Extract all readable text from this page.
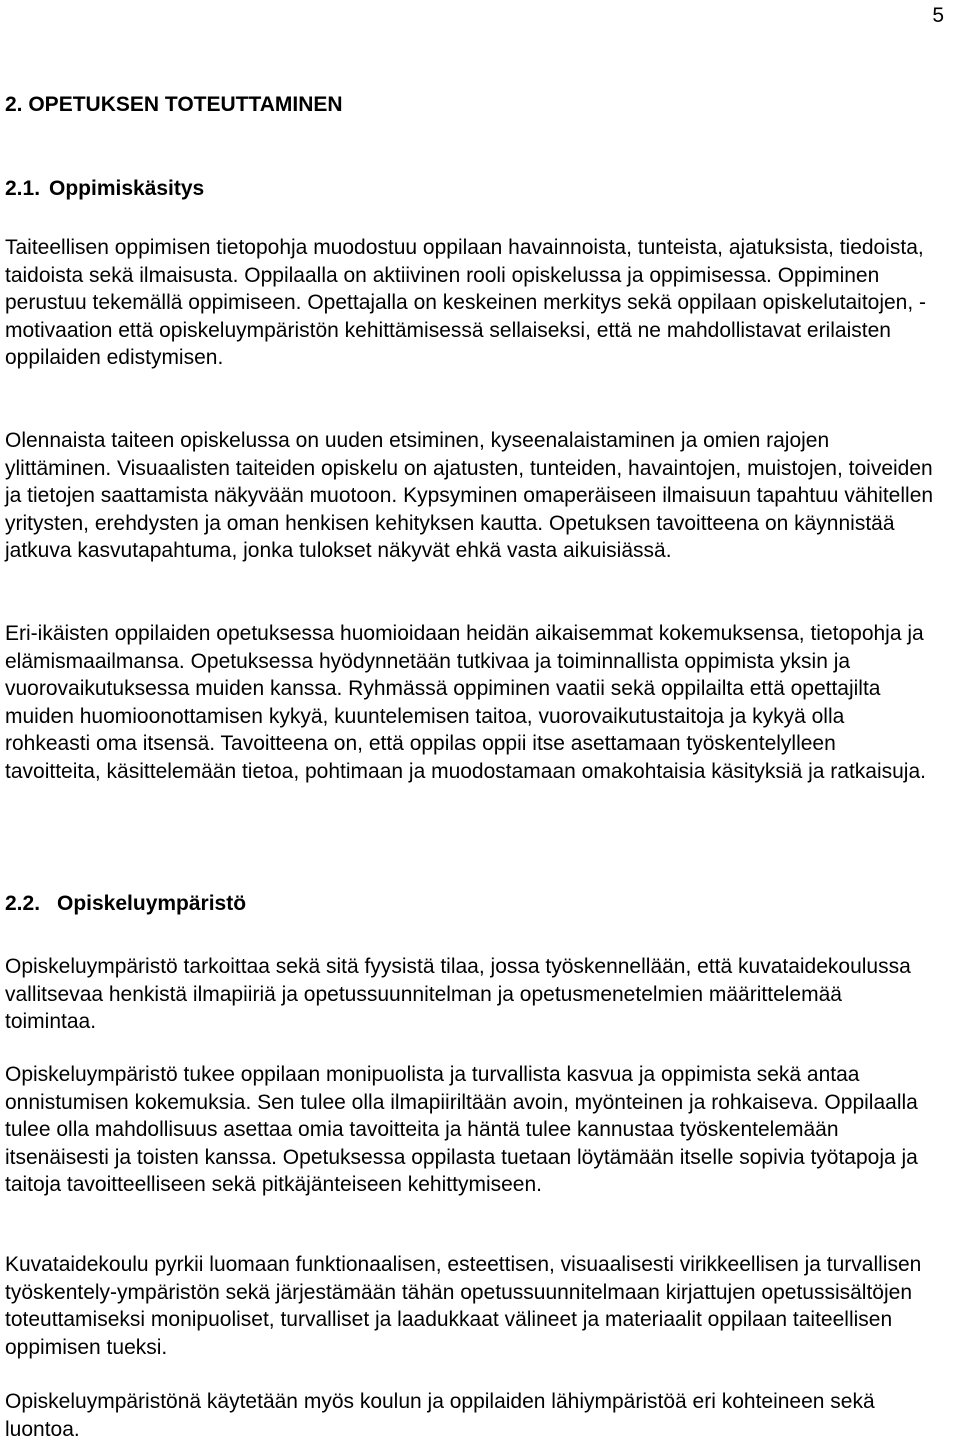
5
2. OPETUKSEN TOTEUTTAMINEN
2.1. Oppimiskäsitys

Taiteellisen oppimisen tietopohja muodostuu oppilaan havainnoista, tunteista, ajatuksista, tiedoista, taidoista sekä ilmaisusta. Oppilaalla on aktiivinen rooli opiskelussa ja oppimisessa. Oppiminen perustuu tekemällä oppimiseen. Opettajalla on keskeinen merkitys sekä oppilaan opiskelutaitojen, -motivaation että opiskeluympäristön kehittämisessä sellaiseksi, että ne mahdollistavat erilaisten oppilaiden edistymisen.

Olennaista taiteen opiskelussa on uuden etsiminen, kyseenalaistaminen ja omien rajojen ylittäminen. Visuaalisten taiteiden opiskelu on ajatusten, tunteiden, havaintojen, muistojen, toiveiden ja tietojen saattamista näkyvään muotoon. Kypsyminen omaperäiseen ilmaisuun tapahtuu vähitellen yritysten, erehdysten ja oman henkisen kehityksen kautta. Opetuksen tavoitteena on käynnistää jatkuva kasvutapahtuma, jonka tulokset näkyvät ehkä vasta aikuisiässä.

Eri-ikäisten oppilaiden opetuksessa huomioidaan heidän aikaisemmat kokemuksensa, tietopohja ja elämismaailmansa. Opetuksessa hyödynnetään tutkivaa ja toiminnallista oppimista yksin ja vuorovaikutuksessa muiden kanssa. Ryhmässä oppiminen vaatii sekä oppilailta että opettajilta muiden huomioonottamisen kykyä, kuuntelemisen taitoa, vuorovaikutustaitoja ja kykyä olla rohkeasti oma itsensä. Tavoitteena on, että oppilas oppii itse asettamaan työskentelylleen tavoitteita, käsittelemään tietoa, pohtimaan ja muodostamaan omakohtaisia käsityksiä ja ratkaisuja.

2.2. Opiskeluympäristö

Opiskeluympäristö tarkoittaa sekä sitä fyysistä tilaa, jossa työskennellään, että kuvataidekoulussa vallitsevaa henkistä ilmapiiriä ja opetussuunnitelman ja opetusmenetelmien määrittelemää toimintaa.

Opiskeluympäristö tukee oppilaan monipuolista ja turvallista kasvua ja oppimista sekä antaa onnistumisen kokemuksia. Sen tulee olla ilmapiiriltään avoin, myönteinen ja rohkaiseva. Oppilaalla tulee olla mahdollisuus asettaa omia tavoitteita ja häntä tulee kannustaa työskentelemään itsenäisesti ja toisten kanssa. Opetuksessa oppilasta tuetaan löytämään itselle sopivia työtapoja ja taitoja tavoitteelliseen sekä pitkäjänteiseen kehittymiseen.

Kuvataidekoulu pyrkii luomaan funktionaalisen, esteettisen, visuaalisesti virikkeellisen ja turvallisen työskentely-ympäristön sekä järjestämään tähän opetussuunnitelmaan kirjattujen opetussisältöjen toteuttamiseksi monipuoliset, turvalliset ja laadukkaat välineet ja materiaalit oppilaan taiteellisen oppimisen tueksi.

Opiskeluympäristönä käytetään myös koulun ja oppilaiden lähiympäristöä eri kohteineen sekä luontoa.
